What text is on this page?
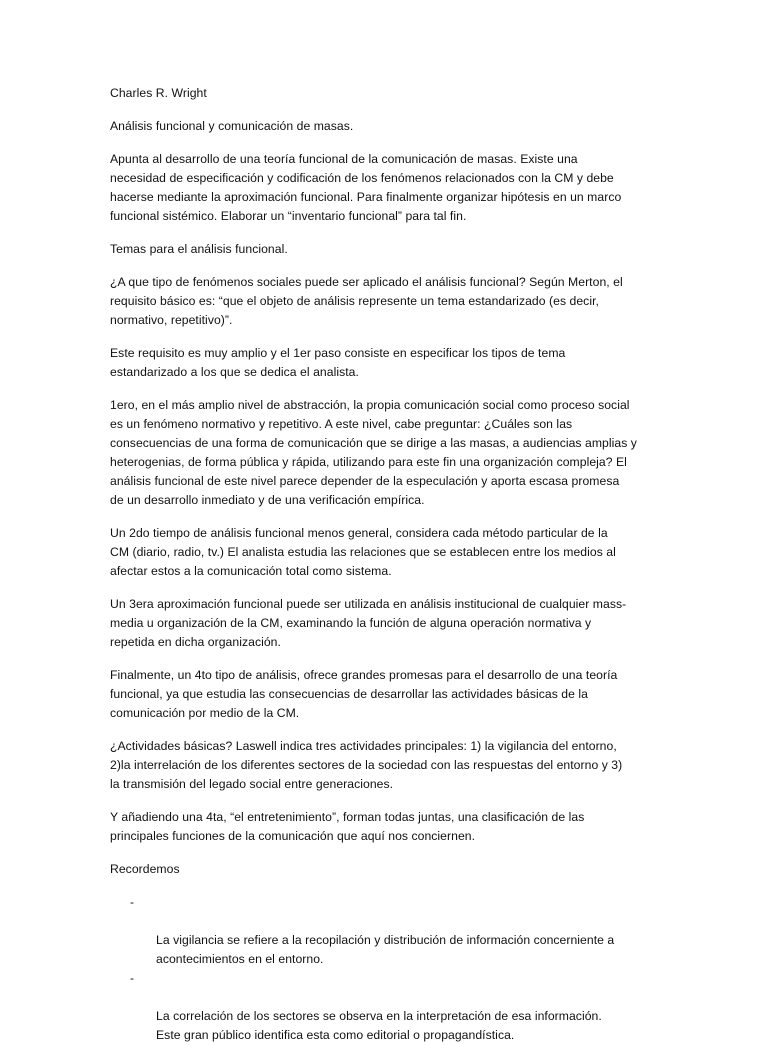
Charles R. Wright

Análisis funcional y comunicación de masas.

Apunta al desarrollo de una teoría funcional de la comunicación de masas. Existe una
necesidad de especificación y codificación de los fenómenos relacionados con la CM y debe
hacerse mediante la aproximación funcional. Para finalmente organizar hipótesis en un marco
funcional sistémico. Elaborar un “inventario funcional” para tal fin.

Temas para el análisis funcional.

¿A que tipo de fenómenos sociales puede ser aplicado el análisis funcional? Según Merton, el
requisito básico es: “que el objeto de análisis represente un tema estandarizado (es decir,
normativo, repetitivo)”.

Este requisito es muy amplio y el 1er paso consiste en especificar los tipos de tema
estandarizado a los que se dedica el analista.

1ero, en el más amplio nivel de abstracción, la propia comunicación social como proceso social
es un fenómeno normativo y repetitivo. A este nivel, cabe preguntar: ¿Cuáles son las
consecuencias de una forma de comunicación que se dirige a las masas, a audiencias amplias y
heterogenias, de forma pública y rápida, utilizando para este fin una organización compleja? El
análisis funcional de este nivel parece depender de la especulación y aporta escasa promesa
de un desarrollo inmediato y de una verificación empírica.

Un 2do tiempo de análisis funcional menos general, considera cada método particular de la
CM (diario, radio, tv.) El analista estudia las relaciones que se establecen entre los medios al
afectar estos a la comunicación total como sistema.

Un 3era aproximación funcional puede ser utilizada en análisis institucional de cualquier mass-
media u organización de la CM, examinando la función de alguna operación normativa y
repetida en dicha organización.

Finalmente, un 4to tipo de análisis, ofrece grandes promesas para el desarrollo de una teoría
funcional, ya que estudia las consecuencias de desarrollar las actividades básicas de la
comunicación por medio de la CM.

¿Actividades básicas? Laswell indica tres actividades principales: 1) la vigilancia del entorno,
2)la interrelación de los diferentes sectores de la sociedad con las respuestas del entorno y 3)
la transmisión del legado social entre generaciones.

Y añadiendo una 4ta, “el entretenimiento”, forman todas juntas, una clasificación de las
principales funciones de la comunicación que aquí nos conciernen.

Recordemos

-

La vigilancia se refiere a la recopilación y distribución de información concerniente a
acontecimientos en el entorno.

-

La correlación de los sectores se observa en la interpretación de esa información.
Este gran público identifica esta como editorial o propagandística.
